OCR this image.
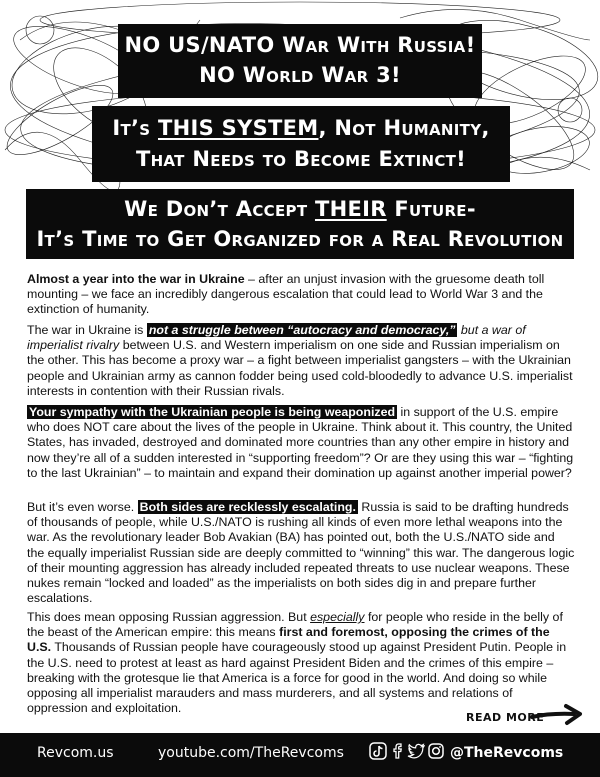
NO US/NATO War With Russia!
NO World War 3!
It’s THIS SYSTEM, Not Humanity,
That Needs to Become Extinct!
We Don’t Accept THEIR Future-
It’s Time to Get Organized for a Real Revolution

Almost a year into the war in Ukraine – after an unjust invasion with the gruesome death toll mounting – we face an incredibly dangerous escalation that could lead to World War 3 and the extinction of humanity.

The war in Ukraine is not a struggle between “autocracy and democracy,” but a war of imperialist rivalry between U.S. and Western imperialism on one side and Russian imperialism on the other. This has become a proxy war – a fight between imperialist gangsters – with the Ukrainian people and Ukrainian army as cannon fodder being used cold-bloodedly to advance U.S. imperialist interests in contention with their Russian rivals.

Your sympathy with the Ukrainian people is being weaponized in support of the U.S. empire who does NOT care about the lives of the people in Ukraine. Think about it. This country, the United States, has invaded, destroyed and dominated more countries than any other empire in history and now they’re all of a sudden interested in “supporting freedom”? Or are they using this war – “fighting to the last Ukrainian” – to maintain and expand their domination up against another imperial power?

But it’s even worse. Both sides are recklessly escalating. Russia is said to be drafting hundreds of thousands of people, while U.S./NATO is rushing all kinds of even more lethal weapons into the war. As the revolutionary leader Bob Avakian (BA) has pointed out, both the U.S./NATO side and the equally imperialist Russian side are deeply committed to “winning” this war. The dangerous logic of their mounting aggression has already included repeated threats to use nuclear weapons. These nukes remain “locked and loaded” as the imperialists on both sides dig in and prepare further escalations.

This does mean opposing Russian aggression. But especially for people who reside in the belly of the beast of the American empire: this means first and foremost, opposing the crimes of the U.S. Thousands of Russian people have courageously stood up against President Putin. People in the U.S. need to protest at least as hard against President Biden and the crimes of this empire – breaking with the grotesque lie that America is a force for good in the world. And doing so while opposing all imperialist marauders and mass murderers, and all systems and relations of oppression and exploitation.

READ MORE
Revcom.us	youtube.com/TheRevcoms	@TheRevcoms
